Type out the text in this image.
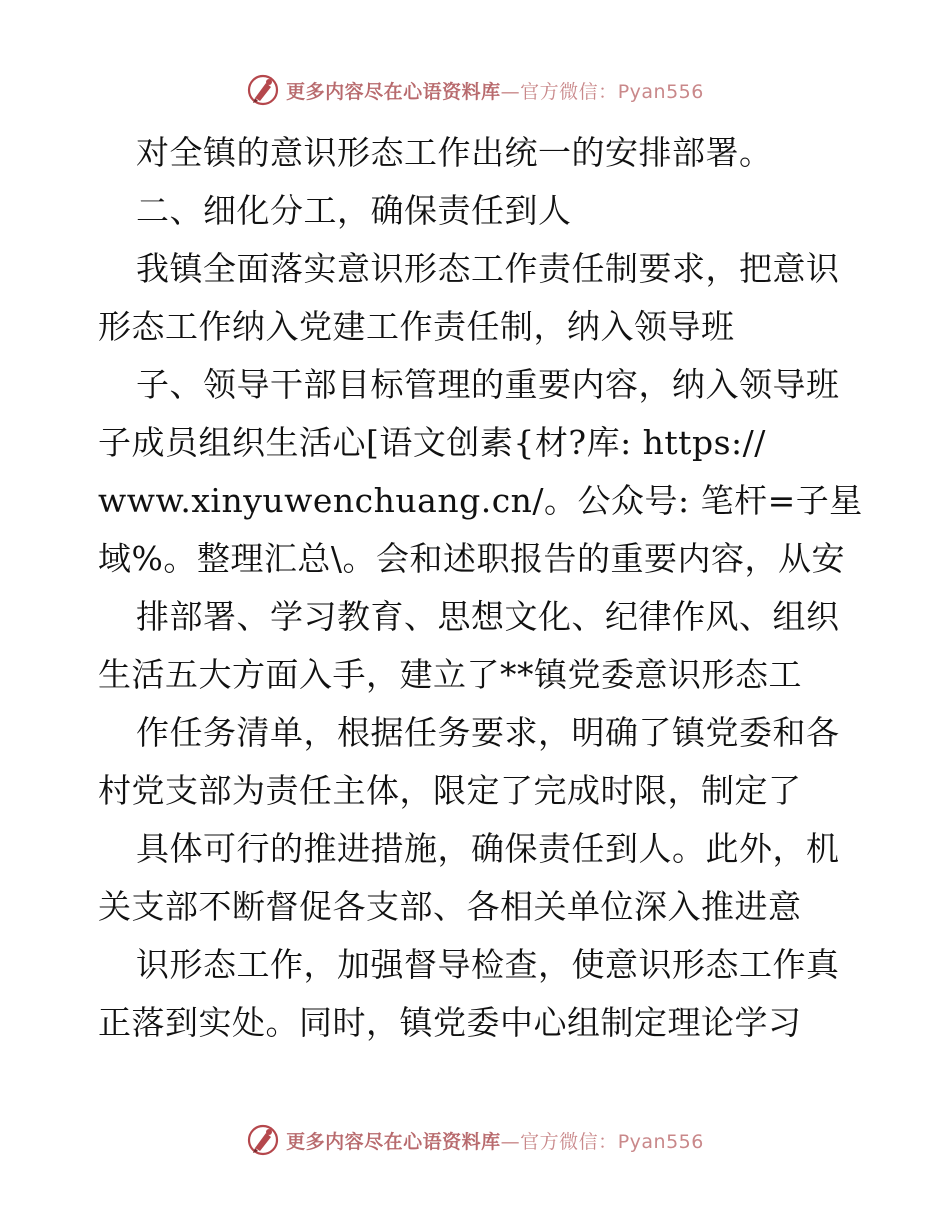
更多内容尽在心语资料库—官方微信：Pyan556
对全镇的意识形态工作出统一的安排部署。
二、细化分工，确保责任到人
我镇全面落实意识形态工作责任制要求，把意识
形态工作纳入党建工作责任制，纳入领导班
子、领导干部目标管理的重要内容，纳入领导班
子成员组织生活心[语文创素{材?库: https://
www.xinyuwenchuang.cn/。公众号: 笔杆=子星
域%。整理汇总\。会和述职报告的重要内容，从安
排部署、学习教育、思想文化、纪律作风、组织
生活五大方面入手，建立了**镇党委意识形态工
作任务清单，根据任务要求，明确了镇党委和各
村党支部为责任主体，限定了完成时限，制定了
具体可行的推进措施，确保责任到人。此外，机
关支部不断督促各支部、各相关单位深入推进意
识形态工作，加强督导检查，使意识形态工作真
正落到实处。同时，镇党委中心组制定理论学习
更多内容尽在心语资料库—官方微信：Pyan556
